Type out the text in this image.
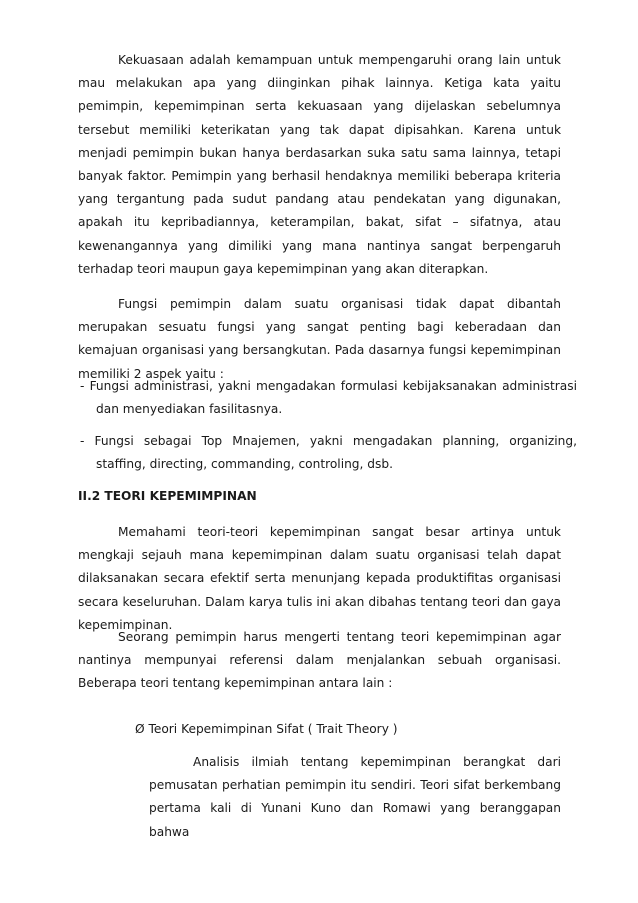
Kekuasaan adalah kemampuan untuk mempengaruhi orang lain untuk mau melakukan apa yang diinginkan pihak lainnya. Ketiga kata yaitu pemimpin, kepemimpinan serta kekuasaan yang dijelaskan sebelumnya tersebut memiliki keterikatan yang tak dapat dipisahkan. Karena untuk menjadi pemimpin bukan hanya berdasarkan suka satu sama lainnya, tetapi banyak faktor. Pemimpin yang berhasil hendaknya memiliki beberapa kriteria yang tergantung pada sudut pandang atau pendekatan yang digunakan, apakah itu kepribadiannya, keterampilan, bakat, sifat – sifatnya, atau kewenangannya yang dimiliki yang mana nantinya sangat berpengaruh terhadap teori maupun gaya kepemimpinan yang akan diterapkan.

Fungsi pemimpin dalam suatu organisasi tidak dapat dibantah merupakan sesuatu fungsi yang sangat penting bagi keberadaan dan kemajuan organisasi yang bersangkutan. Pada dasarnya fungsi kepemimpinan memiliki 2 aspek yaitu :

- Fungsi administrasi, yakni mengadakan formulasi kebijaksanakan administrasi dan menyediakan fasilitasnya.

- Fungsi sebagai Top Mnajemen, yakni mengadakan planning, organizing, staffing, directing, commanding, controling, dsb.

II.2 TEORI KEPEMIMPINAN

Memahami teori-teori kepemimpinan sangat besar artinya untuk mengkaji sejauh mana kepemimpinan dalam suatu organisasi telah dapat dilaksanakan secara efektif serta menunjang kepada produktifitas organisasi secara keseluruhan. Dalam karya tulis ini akan dibahas tentang teori dan gaya kepemimpinan.

Seorang pemimpin harus mengerti tentang teori kepemimpinan agar nantinya mempunyai referensi dalam menjalankan sebuah organisasi. Beberapa teori tentang kepemimpinan antara lain :

Ø Teori Kepemimpinan Sifat ( Trait Theory )

Analisis ilmiah tentang kepemimpinan berangkat dari pemusatan perhatian pemimpin itu sendiri. Teori sifat berkembang pertama kali di Yunani Kuno dan Romawi yang beranggapan bahwa
